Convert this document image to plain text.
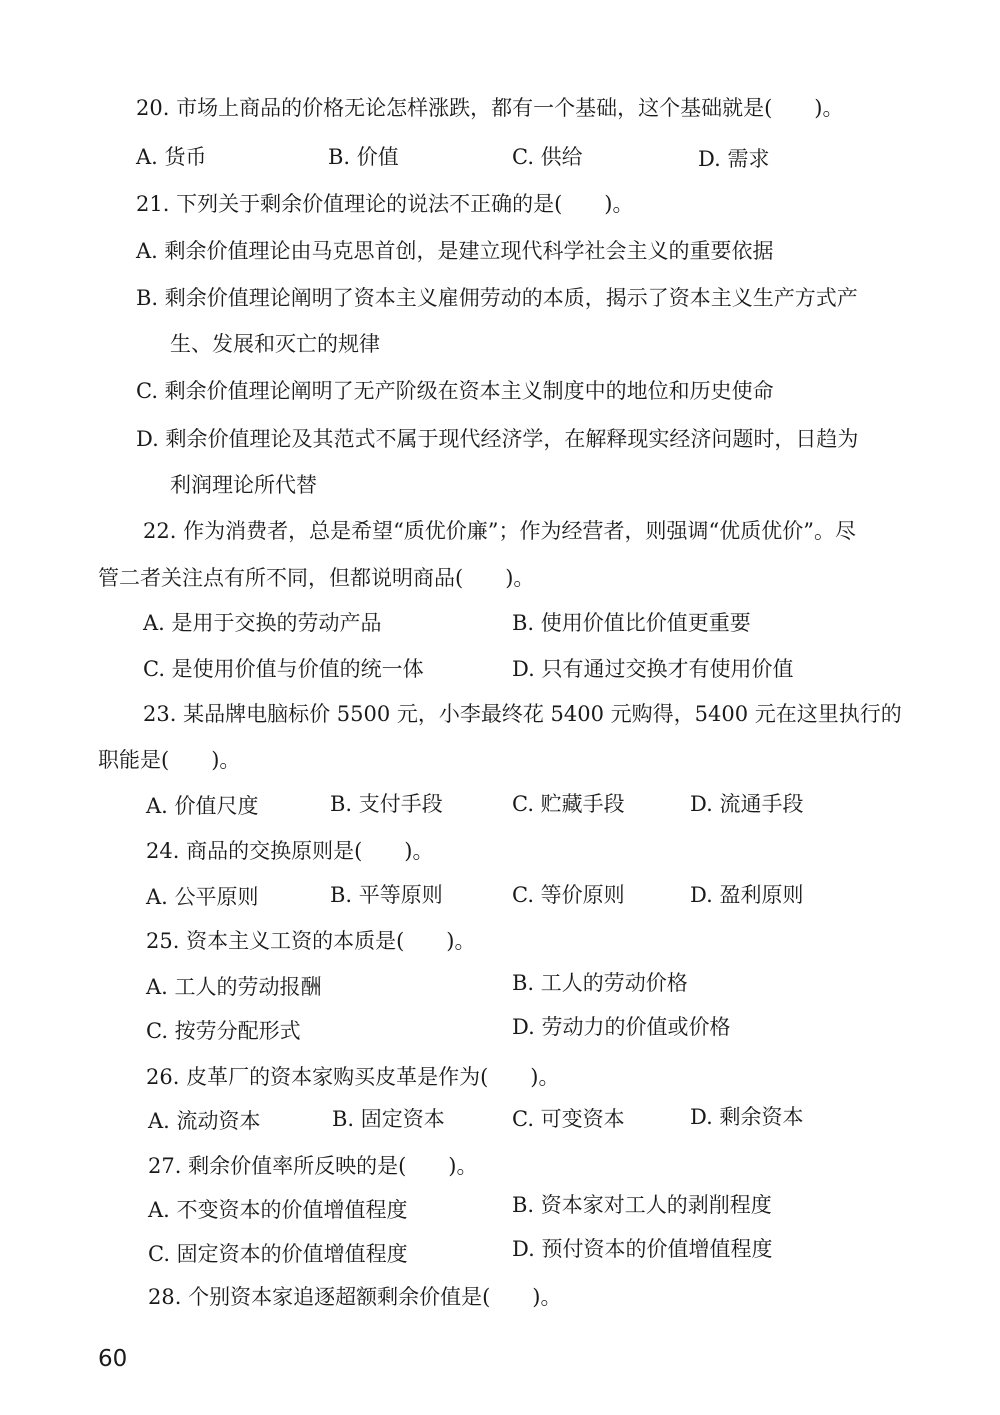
20. 市场上商品的价格无论怎样涨跌，都有一个基础，这个基础就是(　　)。
A. 货币	B. 价值	C. 供给	D. 需求
21. 下列关于剩余价值理论的说法不正确的是(　　)。
A. 剩余价值理论由马克思首创，是建立现代科学社会主义的重要依据
B. 剩余价值理论阐明了资本主义雇佣劳动的本质，揭示了资本主义生产方式产
生、发展和灭亡的规律
C. 剩余价值理论阐明了无产阶级在资本主义制度中的地位和历史使命
D. 剩余价值理论及其范式不属于现代经济学，在解释现实经济问题时，日趋为
利润理论所代替
22. 作为消费者，总是希望“质优价廉”；作为经营者，则强调“优质优价”。尽
管二者关注点有所不同，但都说明商品(　　)。
A. 是用于交换的劳动产品	B. 使用价值比价值更重要
C. 是使用价值与价值的统一体	D. 只有通过交换才有使用价值
23. 某品牌电脑标价 5500 元，小李最终花 5400 元购得，5400 元在这里执行的
职能是(　　)。
A. 价值尺度	B. 支付手段	C. 贮藏手段	D. 流通手段
24. 商品的交换原则是(　　)。
A. 公平原则	B. 平等原则	C. 等价原则	D. 盈利原则
25. 资本主义工资的本质是(　　)。
A. 工人的劳动报酬	B. 工人的劳动价格
C. 按劳分配形式	D. 劳动力的价值或价格
26. 皮革厂的资本家购买皮革是作为(　　)。
A. 流动资本	B. 固定资本	C. 可变资本	D. 剩余资本
27. 剩余价值率所反映的是(　　)。
A. 不变资本的价值增值程度	B. 资本家对工人的剥削程度
C. 固定资本的价值增值程度	D. 预付资本的价值增值程度
28. 个别资本家追逐超额剩余价值是(　　)。
60
